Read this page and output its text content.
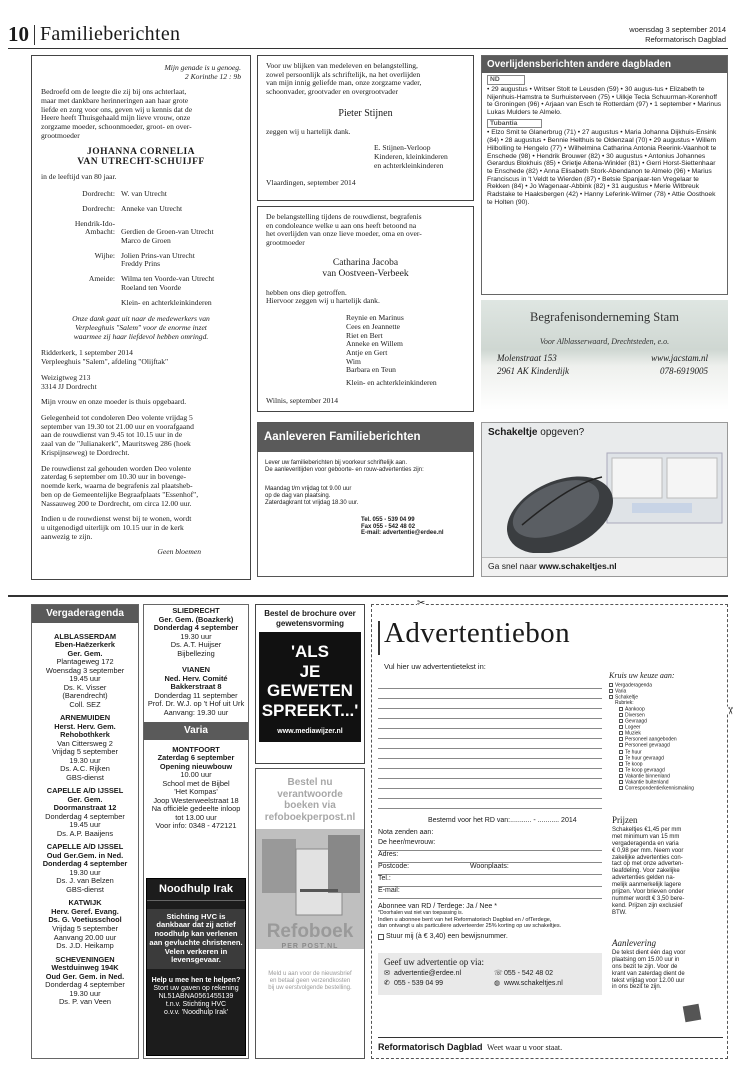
10 Familieberichten	woensdag 3 september 2014
Reformatorisch Dagblad
Mijn genade is u genoeg.
2 Korinthe 12 : 9b
Bedroefd om de leegte die zij bij ons achterlaat,
maar met dankbare herinneringen aan haar grote
liefde en zorg voor ons, geven wij u kennis dat de
Heere heeft Thuisgehaald mijn lieve vrouw, onze
zorgzame moeder, schoonmoeder, groot- en over-
grootmoeder
JOHANNA CORNELIA
VAN UTRECHT-SCHUIJFF
in de leeftijd van 80 jaar.
Dordrecht: W. van Utrecht
Dordrecht: Anneke van Utrecht
Hendrik-Ido-
Ambacht: Gerdien de Groen-van Utrecht
Marco de Groen
Wijhe: Jolien Prins-van Utrecht
Freddy Prins
Ameide: Wilma ten Voorde-van Utrecht
Roeland ten Voorde
Klein- en achterkleinkinderen
Onze dank gaat uit naar de medewerkers van
Verpleeghuis "Salem" voor de enorme inzet
waarmee zij haar liefdevol hebben omringd.
Ridderkerk, 1 september 2014
Verpleeghuis "Salem", afdeling "Olijftak"
Weizigtweg 213
3314 JJ Dordrecht
Mijn vrouw en onze moeder is thuis opgebaard.
Gelegenheid tot condoleren Deo volente vrijdag 5
september van 19.30 tot 21.00 uur en voorafgaand
aan de rouwdienst van 9.45 tot 10.15 uur in de
zaal van de "Julianakerk", Mauritsweg 286 (hoek
Krispijnseweg) te Dordrecht.
De rouwdienst zal gehouden worden Deo volente
zaterdag 6 september om 10.30 uur in bovenge-
noemde kerk, waarna de begrafenis zal plaatsheb-
ben op de Gemeentelijke Begraafplaats "Essenhof",
Nassauweg 200 te Dordrecht, om circa 12.00 uur.
Indien u de rouwdienst wenst bij te wonen, wordt
u uitgenodigd uiterlijk om 10.15 uur in de kerk
aanwezig te zijn.
Geen bloemen
Voor uw blijken van medeleven en belangstelling,
zowel persoonlijk als schriftelijk, na het overlijden
van mijn innig geliefde man, onze zorgzame vader,
schoonvader, grootvader en overgrootvader
Pieter Stijnen
zeggen wij u hartelijk dank.
E. Stijnen-Verloop
Kinderen, kleinkinderen
en achterkleinkinderen
Vlaardingen, september 2014
De belangstelling tijdens de rouwdienst, begrafenis
en condoleance welke u aan ons heeft betoond na
het overlijden van onze lieve moeder, oma en over-
grootmoeder
Catharina Jacoba
van Oostveen-Verbeek
hebben ons diep getroffen.
Hiervoor zeggen wij u hartelijk dank.
Reynie en Marinus
Cees en Jeannette
Riet en Bert
Anneke en Willem
Antje en Gert
Wim
Barbara en Teun
Klein- en achterkleinkinderen
Wilnis, september 2014
Overlijdensberichten andere dagbladen
ND
• 29 augustus • Writser Stolt te Leusden (59) • 30 augus-tus • Elizabeth te Nijenhuis-Hamstra te Surhuisterveen (75) • Uilkje Tecla Schuurman-Korenhoff te Groningen (96) • Arjaan van Esch te Rotterdam (97) • 1 september • Marinus Lukas Mulders te Almelo.
Tubantia
• Elzo Smit te Glanerbrug (71) • 27 augustus • Maria Johanna Dijkhuis-Ensink (84) • 28 augustus • Bennie Helthuis te Oldenzaal (70) • 29 augustus • Willem Hilbolling te Hengelo (77) • Wilhelmina Catharina Antonia Reerink-Vaanholt te Enschede (98) • Hendrik Brouwer (82) • 30 augustus • Antonius Johannes Gerardus Blokhuis (85) • Grietje Altena-Winkler (81) • Gerri Horst-Siettenhaar te Enschede (82) • Anna Elisabeth Stork-Abendanon te Almelo (96) • Marius Franciscus in 't Veldt te Wierden (87) • Betsie Spanjaar-ten Vregelaar te Rekken (84) • Jo Wagenaar-Abbink (82) • 31 augustus • Merie Witbreuk Radstake te Haaksbergen (42) • Hanny Leferink-Wilmer (78) • Attie Oosthoek te Holten (90).
Begrafenisonderneming Stam
Voor Alblasserwaard, Drechtsteden, e.o.
Molenstraat 153	www.jacstam.nl
2961 AK Kinderdijk	078-6919005
Aanleveren Familieberichten
Lever uw familieberichten bij voorkeur schriftelijk aan.
De aanleveritijden voor geboorte- en rouw-advertenties zijn:
Maandag t/m vrijdag tot 9.00 uur
op de dag van plaatsing.
Zaterdagkrant tot vrijdag 18.30 uur.
Tel. 055 - 539 04 99
Fax 055 - 542 48 02
E-mail: advertentie@erdee.nl
Schakeltje opgeven?
Ga snel naar www.schakeltjes.nl
Vergaderagenda
ALBLASSERDAM
Eben-Haëzerkerk
Ger. Gem.
Plantageweg 172
Woensdag 3 september
19.45 uur
Ds. K. Visser
(Barendrecht)
Coll. SEZ
ARNEMUIDEN
Herst. Herv. Gem.
Rehobothkerk
Van Cittersweg 2
Vrijdag 5 september
19.30 uur
Ds. A.C. Rijken
GBS-dienst
CAPELLE A/D IJSSEL
Ger. Gem.
Doormanstraat 12
Donderdag 4 september
19.45 uur
Ds. A.P. Baaijens
CAPELLE A/D IJSSEL
Oud Ger.Gem. in Ned.
Donderdag 4 september
19.30 uur
Ds. J. van Belzen
GBS-dienst
KATWIJK
Herv. Geref. Evang.
Ds. G. Voetiusschool
Vrijdag 5 september
Aanvang 20.00 uur
Ds. J.D. Heikamp
SCHEVENINGEN
Westduinweg 194K
Oud Ger. Gem. in Ned.
Donderdag 4 september
19.30 uur
Ds. P. van Veen
SLIEDRECHT
Ger. Gem. (Boazkerk)
Donderdag 4 september
19.30 uur
Ds. A.T. Huijser
Bijbellezing
VIANEN
Ned. Herv. Comité
Bakkerstraat 8
Donderdag 11 september
Prof. Dr. W.J. op 't Hof uit Urk
Aanvang: 19.30 uur
Varia
MONTFOORT
Zaterdag 6 september
Opening nieuwbouw
10.00 uur
School met de Bijbel
'Het Kompas'
Joop Westerweelstraat 18
Na officiële gedeelte inloop
tot 13.00 uur
Voor info: 0348 - 472121
Noodhulp Irak
Stichting HVC is
dankbaar dat zij actief
noodhulp kan verlenen
aan gevluchte christenen.
Velen verkeren in
levensgevaar.
Help u mee hen te helpen?
Stort uw gaven op rekening
NL51ABNA0561455139
t.n.v. Stichting HVC
o.v.v. 'Noodhulp Irak'
Bestel de brochure over gewetensvorming
'ALS
JE
GEWETEN
SPREEKT...'
www.mediawijzer.nl
Bestel nu
verantwoorde
boeken via
refoboekperpost.nl
Refoboek
PER POST.NL
Meld u aan voor de nieuwsbrief
en betaal geen verzendkosten
bij uw eerstvolgende bestelling.
✂
✂
Advertentiebon
Vul hier uw advertentietekst in:
Kruis uw keuze aan:
Vergaderagenda
Varia
Schakeltje
Rubriek:
Aankoop
Diversen
Gevraagd
Logeer
Muziek
Personeel aangeboden
Personeel gevraagd
Te huur
Te huur gevraagd
Te koop
Te koop gevraagd
Vakantie binnenland
Vakantie buitenland
Correspondentie/kennismaking
Bestemd voor het RD van:........... - ........... 2014
Nota zenden aan:
De heer/mevrouw:
Adres:
Postcode:	Woonplaats:
Tel.:
E-mail:
Abonnee van RD / Terdege: Ja / Nee *
*Doorhalen wat niet van toepassing is.
Indien u abonnee bent van het Reformatorisch Dagblad en / ofTerdege,
dan ontvangt u als particuliere adverteerder 25% korting op uw schakeltjes.
Stuur mij (à € 3,40) een bewijsnummer.
Geef uw advertentie op via:
✉ advertentie@erdee.nl	☏ 055 - 542 48 02
✆ 055 - 539 04 99	◍ www.schakeltjes.nl
Prijzen
Schakeltjes €1,45 per mm
met minimum van 15 mm
vergaderagenda en varia
€ 0,98 per mm. Neem voor
zakelijke advertenties con-
tact op met onze adverten-
tieafdeling. Voor zakelijke
advertenties gelden na-
melijk aanmerkelijk lagere
prijzen. Voor brieven onder
nummer wordt € 3,50 bere-
kend. Prijzen zijn exclusief
BTW.
Aanlevering
De tekst dient één dag voor
plaatsing om 15.00 uur in
ons bezit te zijn. Voor de
krant van zaterdag dient de
tekst vrijdag voor 12.00 uur
in ons bezit te zijn.
Reformatorisch Dagblad Weet waar u voor staat.
